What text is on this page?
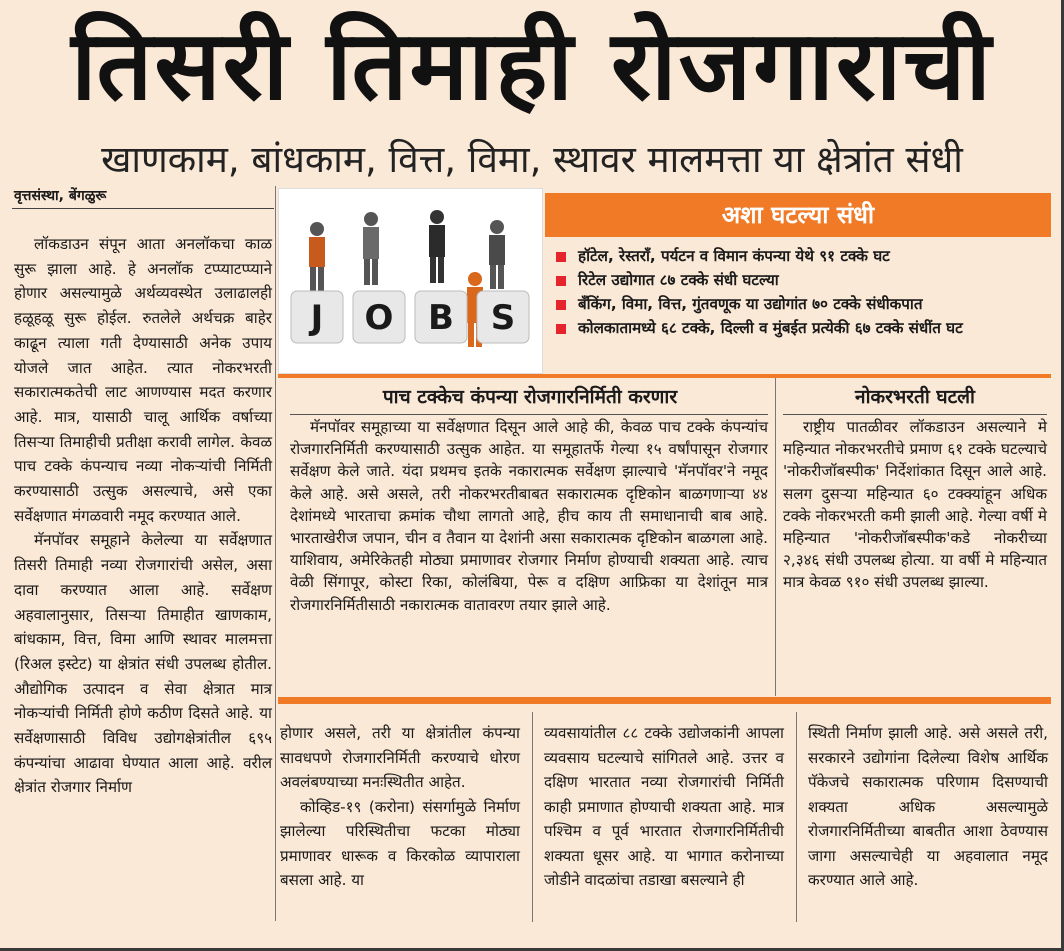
तिसरी तिमाही रोजगाराची
खाणकाम, बांधकाम, वित्त, विमा, स्थावर मालमत्ता या क्षेत्रांत संधी
वृत्तसंस्था, बेंगळुरू

लॉकडाउन संपून आता अनलॉकचा काळ सुरू झाला आहे. हे अनलॉक टप्प्याटप्प्याने होणार असल्यामुळे अर्थव्यवस्थेत उलाढालही हळूहळू सुरू होईल. रुतलेले अर्थचक्र बाहेर काढून त्याला गती देण्यासाठी अनेक उपाय योजले जात आहेत. त्यात नोकरभरती सकारात्मकतेची लाट आणण्यास मदत करणार आहे. मात्र, यासाठी चालू आर्थिक वर्षाच्या तिसऱ्या तिमाहीची प्रतीक्षा करावी लागेल. केवळ पाच टक्के कंपन्याच नव्या नोकऱ्यांची निर्मिती करण्यासाठी उत्सुक असल्याचे, असे एका सर्वेक्षणात मंगळवारी नमूद करण्यात आले.

मॅनपॉवर समूहाने केलेल्या या सर्वेक्षणात तिसरी तिमाही नव्या रोजगारांची असेल, असा दावा करण्यात आला आहे. सर्वेक्षण अहवालानुसार, तिसऱ्या तिमाहीत खाणकाम, बांधकाम, वित्त, विमा आणि स्थावर मालमत्ता (रिअल इस्टेट) या क्षेत्रांत संधी उपलब्ध होतील. औद्योगिक उत्पादन व सेवा क्षेत्रात मात्र नोकऱ्यांची निर्मिती होणे कठीण दिसते आहे. या सर्वेक्षणासाठी विविध उद्योगक्षेत्रांतील ६९५ कंपन्यांचा आढावा घेण्यात आला आहे. वरील क्षेत्रांत रोजगार निर्माण

J O B S
अशा घटल्या संधी
हॉटेल, रेस्तराँ, पर्यटन व विमान कंपन्या येथे ९१ टक्के घट
रिटेल उद्योगात ८७ टक्के संधी घटल्या
बँकिंग, विमा, वित्त, गुंतवणूक या उद्योगांत ७० टक्के संधीकपात
कोलकातामध्ये ६८ टक्के, दिल्ली व मुंबईत प्रत्येकी ६७ टक्के संधींत घट
पाच टक्केच कंपन्या रोजगारनिर्मिती करणार

मॅनपॉवर समूहाच्या या सर्वेक्षणात दिसून आले आहे की, केवळ पाच टक्के कंपन्यांच रोजगारनिर्मिती करण्यासाठी उत्सुक आहेत. या समूहातर्फे गेल्या १५ वर्षांपासून रोजगार सर्वेक्षण केले जाते. यंदा प्रथमच इतके नकारात्मक सर्वेक्षण झाल्याचे 'मॅनपॉवर'ने नमूद केले आहे. असे असले, तरी नोकरभरतीबाबत सकारात्मक दृष्टिकोन बाळगणाऱ्या ४४ देशांमध्ये भारताचा क्रमांक चौथा लागतो आहे, हीच काय ती समाधानाची बाब आहे. भारताखेरीज जपान, चीन व तैवान या देशांनी असा सकारात्मक दृष्टिकोन बाळगला आहे. याशिवाय, अमेरिकेतही मोठ्या प्रमाणावर रोजगार निर्माण होण्याची शक्यता आहे. त्याच वेळी सिंगापूर, कोस्टा रिका, कोलंबिया, पेरू व दक्षिण आफ्रिका या देशांतून मात्र रोजगारनिर्मितीसाठी नकारात्मक वातावरण तयार झाले आहे.

नोकरभरती घटली

राष्ट्रीय पातळीवर लॉकडाउन असल्याने मे महिन्यात नोकरभरतीचे प्रमाण ६१ टक्के घटल्याचे 'नोकरीजॉबस्पीक' निर्देशांकात दिसून आले आहे. सलग दुसऱ्या महिन्यात ६० टक्क्यांहून अधिक टक्के नोकरभरती कमी झाली आहे. गेल्या वर्षी मे महिन्यात 'नोकरीजॉबस्पीक'कडे नोकरीच्या २,३४६ संधी उपलब्ध होत्या. या वर्षी मे महिन्यात मात्र केवळ ९१० संधी उपलब्ध झाल्या.

होणार असले, तरी या क्षेत्रांतील कंपन्या सावधपणे रोजगारनिर्मिती करण्याचे धोरण अवलंबण्याच्या मनःस्थितीत आहेत.

कोव्हिड-१९ (करोना) संसर्गामुळे निर्माण झालेल्या परिस्थितीचा फटका मोठ्या प्रमाणावर धारूक व किरकोळ व्यापाराला बसला आहे. या

व्यवसायांतील ८८ टक्के उद्योजकांनी आपला व्यवसाय घटल्याचे सांगितले आहे. उत्तर व दक्षिण भारतात नव्या रोजगारांची निर्मिती काही प्रमाणात होण्याची शक्यता आहे. मात्र पश्चिम व पूर्व भारतात रोजगारनिर्मितीची शक्यता धूसर आहे. या भागात करोनाच्या जोडीने वादळांचा तडाखा बसल्याने ही

स्थिती निर्माण झाली आहे. असे असले तरी, सरकारने उद्योगांना दिलेल्या विशेष आर्थिक पॅकेजचे सकारात्मक परिणाम दिसण्याची शक्यता अधिक असल्यामुळे रोजगारनिर्मितीच्या बाबतीत आशा ठेवण्यास जागा असल्याचेही या अहवालात नमूद करण्यात आले आहे.
